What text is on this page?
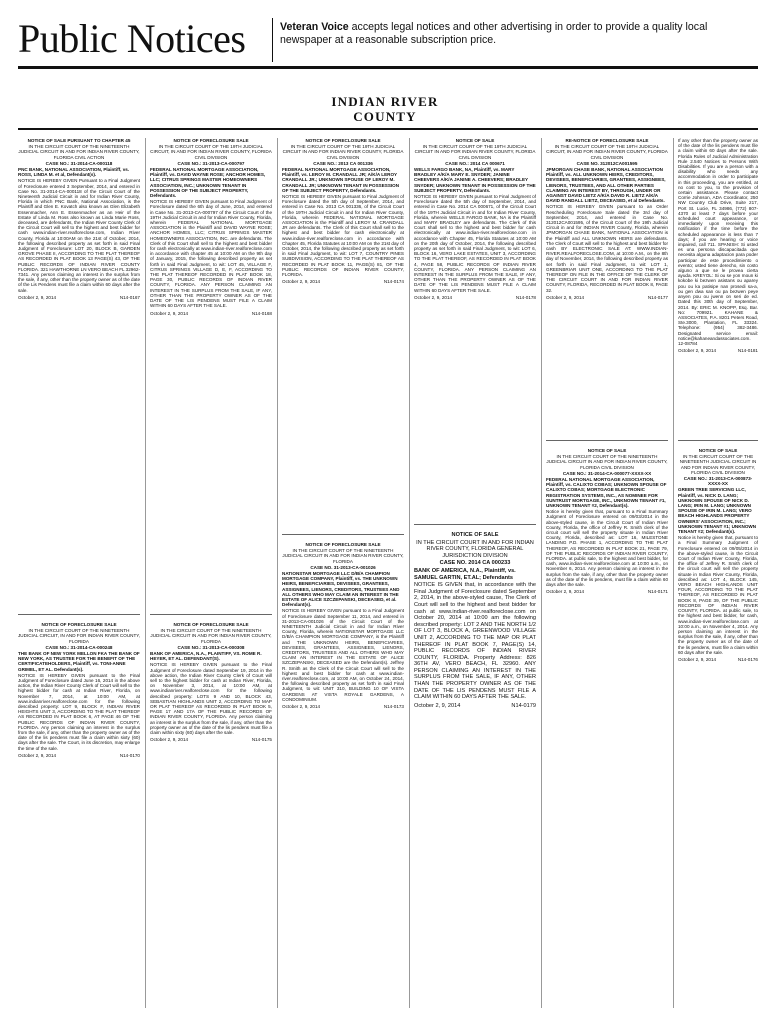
Public Notices	Veteran Voice accepts legal notices and other advertising in order to provide a quality local newspaper at a reasonable subscription price.
INDIAN RIVER
COUNTY
NOTICE OF SALE PURSUANT TO CHAPTER 45
IN THE CIRCUIT COURT OF THE NINETEENTH JUDICIAL CIRCUIT IN AND FOR INDIAN RIVER COUNTY, FLORIDA CIVIL ACTION
CASE NO.: 31-2014-CA-000118
PNC BANK, NATIONAL ASSOCIATION, Plaintiff, vs. ROSS, LINDA M. et al, Defendant(s).
NOTICE IS HEREBY GIVEN Pursuant to a Final Judgment of Foreclosure entered 3 September, 2014, and entered in Case No. 31-2014-CA-000118 of the Circuit Court of the Nineteenth Judicial Circuit in and for Indian River County, Florida in which PNC Bank, National Association, is the Plaintiff and Glen E. Kovatch also known as Glen Elizabeth Essenmacher, Ann E. Essenmacher as an Heir of the Estate of Linda M. Ross also known as Linda Marie Ross, deceased, are defendants, the Indian River County Clerk of the Circuit Court will sell to the highest and best bidder for cash www.indian-river.realforeclose.com, Indian River County, Florida at 10:00AM on the 21st of October, 2014, the following described property as set forth in said Final Judgment of Foreclosure: LOT 20, BLOCK B, GARDEN GROVE PHASE II, ACCORDING TO THE PLAT THEREOF AS RECORDED IN PLAT BOOK 13 PAGE(S) 43, OF THE PUBLIC RECORDS OF INDIAN RIVER COUNTY FLORIDA. 321 HAWTHORNE LN VERO BEACH FL 32962-7341. Any person claiming an interest in the surplus from the sale, if any, other than the property owner as of the date of the Lis Pendens must file a claim within 60 days after the sale.
October 2, 9, 2014	N14-0167
NOTICE OF FORECLOSURE SALE
IN THE CIRCUIT COURT OF THE NINETEENTH JUDICIAL CIRCUIT, IN AND FOR INDIAN RIVER COUNTY, FLORIDA
CASE NO.: 31-2014-CA-000248
THE BANK OF NEW YORK MELLON FKA THE BANK OF NEW YORK, AS TRUSTEE FOR THE BENEFIT OF THE CERTIFICATEHOLDERS, Plaintiff, vs. TONI-ANNE GRIMEL, ET AL. Defendant(s).
NOTICE IS HEREBY GIVEN pursuant to the Final Judgment of Foreclosure dated June 16, 2014 in the above action, the Indian River County Clerk of Court will sell to the highest bidder for cash at Indian River, Florida, on November 7, 2014, at 10:00 AM, at www.indianriver.realforeclose.com for the following described property: LOT 9, BLOCK F, INDIAN RIVER HEIGHTS UNIT 3, ACCORDING TO THE PLAT THEREOF AS RECORDED IN PLAT BOOK 6, AT PAGE 46 OF THE PUBLIC RECORDS OF INDIAN RIVER COUNTY, FLORIDA. Any person claiming an interest in the surplus from the sale, if any, other than the property owner as of the date of the lis pendens must file a claim within sixty (60) days after the sale. The Court, in its discretion, may enlarge the time of the sale.
October 2, 9, 2014	N14-0170
NOTICE OF FORECLOSURE SALE
IN THE CIRCUIT COURT OF THE 19TH JUDICIAL CIRCUIT, IN AND FOR INDIAN RIVER COUNTY, FLORIDA CIVIL DIVISION
CASE NO.: 31-2013-CA-000797
FEDERAL NATIONAL MORTGAGE ASSOCIATION, Plaintiff, vs. DAVID WAYNE ROSE; ANCHOR HOMES, LLC; CITRUS SPRINGS MASTER HOMEOWNERS ASSOCIATION, INC.; UNKNOWN TENANT IN POSSESSION OF THE SUBJECT PROPERTY, Defendants.
NOTICE IS HEREBY GIVEN pursuant to Final Judgment of Foreclosure dated the 6th day of June, 2014, and entered in Case No. 31-2013-CA-000797 of the Circuit Court of the 19TH Judicial Circuit in and for Indian River County, Florida, wherein FEDERAL NATIONAL MORTGAGE ASSOCIATION is the Plaintiff and DAVID WAYNE ROSE; ANCHOR HOMES, LLC; CITRUS SPRINGS MASTER HOMEOWNERS ASSOCIATION, INC. are defendants. The Clerk of this Court shall sell to the highest and best bidder for cash electronically at www.indian-river.realforeclose.com in accordance with chapter 45 at 10:00 AM on the 9th day of January, 2015, the following described property as set forth in said Final Judgment, to wit: LOT 45, VILLAGE F, CITRUS SPRINGS VILLAGE D, E, F, ACCORDING TO THE PLAT THEREOF RECORDED IN PLAT BOOK 18, PAGE 30, PUBLIC RECORDS OF INDIAN RIVER COUNTY, FLORIDA. ANY PERSON CLAIMING AN INTEREST IN THE SURPLUS FROM THE SALE, IF ANY, OTHER THAN THE PROPERTY OWNER AS OF THE DATE OF THE LIS PENDENS MUST FILE A CLAIM WITHIN 60 DAYS AFTER THE SALE.
October 2, 9, 2014	N14-0168
NOTICE OF FORECLOSURE SALE
IN THE CIRCUIT COURT OF THE NINETEENTH JUDICIAL CIRCUIT IN AND FOR INDIAN RIVER COUNTY, FLORIDA
CASE NO.: 31-2013-CA-000308
BANK OF AMERICA, N.A., PLAINTIFF, VS. ROME R. HEYER, ET AL. DEFENDANT(S).
NOTICE IS HEREBY GIVEN pursuant to the Final Judgment of Foreclosure dated September 19, 2014 in the above action, the Indian River County Clerk of Court will sell to the highest bidder for cash at Indian River, Florida, on November 3, 2014, at 10:00 AM, at www.indianriver.realforeclose.com for the following described property: LOTS 9 AND 10, BLOCK 43, SEBASTIAN HIGHLANDS UNIT 2, ACCORDING TO MAP OR PLAT THEREOF AS RECORDED IN PLAT BOOK 5, PAGE 17 AND 17A OF THE PUBLIC RECORDS OF INDIAN RIVER COUNTY, FLORIDA. Any person claiming an interest in the surplus from the sale, if any, other than the property owner as of the date of the lis pendens must file a claim within sixty (60) days after the sale.
October 2, 9, 2014	N14-0175
NOTICE OF FORECLOSURE SALE
IN THE CIRCUIT COURT OF THE 19TH JUDICIAL CIRCUIT IN AND FOR INDIAN RIVER COUNTY, FLORIDA CIVIL DIVISION
CASE NO.: 2013 CA 001336
FEDERAL NATIONAL MORTGAGE ASSOCIATION, Plaintiff, vs. LEROY M. CRANDALL JR; A/K/A LEROY CRANDALL JR.; UNKNOWN SPOUSE OF LEROY M. CRANDALL JR; UNKNOWN TENANT IN POSSESSION OF THE SUBJECT PROPERTY, Defendants.
NOTICE IS HEREBY GIVEN pursuant to Final Judgment of Foreclosure dated the 5th day of September, 2014, and entered in Case No. 2013 CA 001336, of the Circuit Court of the 19TH Judicial Circuit in and for Indian River County, Florida, wherein FEDERAL NATIONAL MORTGAGE ASSOCIATION is the Plaintiff and LEROY M. CRANDALL JR are defendants. The Clerk of this Court shall sell to the highest and best bidder for cash electronically at www.indian-river.realforeclose.com in accordance with Chapter 45, Florida Statutes at 10:00 AM on the 21st day of October, 2014, the following described property as set forth in said Final Judgment, to wit: LOT 7, COUNTRY PINES SUBDIVISION, ACCORDING TO THE PLAT THEREOF AS RECORDED IN PLAT BOOK 11, PAGE(S) 81, OF THE PUBLIC RECORDS OF INDIAN RIVER COUNTY, FLORIDA.
October 2, 9, 2014	N14-0174
NOTICE OF FORECLOSURE SALE
IN THE CIRCUIT COURT OF THE NINETEENTH JUDICIAL CIRCUIT IN AND FOR INDIAN RIVER COUNTY, FLORIDA
CASE NO. 31-2013-CA-001026
NATIONSTAR MORTGAGE LLC D/B/A CHAMPION MORTGAGE COMPANY, Plaintiff, vs. THE UNKNOWN HEIRS, BENEFICIARIES, DEVISEES, GRANTEES, ASSIGNEES, LIENORS, CREDITORS, TRUSTEES AND ALL OTHERS WHO MAY CLAIM AN INTEREST IN THE ESTATE OF ALICE SZCZEPANSKI, DECEASED, et al. Defendant(s).
NOTICE IS HEREBY GIVEN pursuant to a Final Judgment of Foreclosure dated September 11, 2014, and entered in 31-2013-CA-001026 of the Circuit Court of the NINETEENTH Judicial Circuit in and for Indian River County, Florida, wherein NATIONSTAR MORTGAGE LLC D/B/A CHAMPION MORTGAGE COMPANY, is the Plaintiff and THE UNKNOWN HEIRS, BENEFICIARIES, DEVISEES, GRANTEES, ASSIGNEES, LIENORS, CREDITORS, TRUSTEES AND ALL OTHERS WHO MAY CLAIM AN INTEREST IN THE ESTATE OF ALICE SZCZEPANSKI, DECEASED are the Defendant(s). Jeffrey R. Smith as the Clerk of the Circuit Court will sell to the highest and best bidder for cash at www.indian-river.realforeclose.com, at 10:00 AM, on October 24, 2014, the following described property as set forth in said Final Judgment, to wit: UNIT 310, BUILDING 10 OF VISTA GARDENS AT VISTA ROYALE GARDENS, A CONDOMINIUM.
October 2, 9, 2014	N14-0173
NOTICE OF SALE
IN THE CIRCUIT COURT OF THE 19TH JUDICIAL CIRCUIT IN AND FOR INDIAN RIVER COUNTY, FLORIDA CIVIL DIVISION
CASE NO.: 2014 CA 000671
WELLS FARGO BANK, NA, Plaintiff, vs. MARY BRADLEY A/K/A MARY E. SNYDER; JANINE CHEEVERS A/K/A JANINE A. CHEEVERS; BRADLEY SNYDER; UNKNOWN TENANT IN POSSESSION OF THE SUBJECT PROPERTY, Defendants.
NOTICE IS HEREBY GIVEN pursuant to Final Judgment of Foreclosure dated the 5th day of September, 2014, and entered in Case No. 2014 CA 000671, of the Circuit Court of the 19TH Judicial Circuit in and for Indian River County, Florida, wherein WELLS FARGO BANK, NA is the Plaintiff and MARY BRADLEY are defendants. The Clerk of this Court shall sell to the highest and best bidder for cash electronically at www.indian-river.realforeclose.com in accordance with Chapter 45, Florida Statutes at 10:00 AM on the 20th day of October, 2014, the following described property as set forth in said Final Judgment, to wit: LOT 6, BLOCK 16, VERO LAKE ESTATES, UNIT 3, ACCORDING TO THE PLAT THEREOF, AS RECORDED IN PLAT BOOK 4, PAGE 58, PUBLIC RECORDS OF INDIAN RIVER COUNTY, FLORIDA. ANY PERSON CLAIMING AN INTEREST IN THE SURPLUS FROM THE SALE, IF ANY, OTHER THAN THE PROPERTY OWNER AS OF THE DATE OF THE LIS PENDENS MUST FILE A CLAIM WITHIN 60 DAYS AFTER THE SALE.
October 2, 9, 2014	N14-0178
NOTICE OF SALE
IN THE CIRCUIT COURT IN AND FOR INDIAN RIVER COUNTY, FLORIDA GENERAL JURISDICTION DIVISION
CASE NO. 2014 CA 000233
BANK OF AMERICA, N.A., Plaintiff, vs. SAMUEL GARTIN, ET.AL; Defendants
NOTICE IS GIVEN that, in accordance with the Final Judgment of Foreclosure dated September 2, 2014, in the above-styled cause, The Clerk of Court will sell to the highest and best bidder for cash at www.indian-river.realforeclose.com on October 20, 2014 at 10:00 am the following described property: LOT 2 AND THE NORTH 1/2 OF LOT 3, BLOCK A, GREENWOOD VILLAGE UNIT 2, ACCORDING TO THE MAP OR PLAT THEREOF IN PLAT BOOK 7, PAGE(S) 14, PUBLIC RECORDS OF INDIAN RIVER COUNTY, FLORIDA. Property Address: 826 36TH AV, VERO BEACH, FL 32960. ANY PERSON CLAIMING AN INTEREST IN THE SURPLUS FROM THE SALE, IF ANY, OTHER THAN THE PROPERTY OWNER AS OF THE DATE OF THE LIS PENDENS MUST FILE A CLAIM WITHIN 60 DAYS AFTER THE SALE.
October 2, 9, 2014	N14-0179
RE-NOTICE OF FORECLOSURE SALE
IN THE CIRCUIT COURT OF THE 19TH JUDICIAL CIRCUIT, IN AND FOR INDIAN RIVER COUNTY, FLORIDA CIVIL DIVISION
CASE NO. 312012CA001595
JPMORGAN CHASE BANK, NATIONAL ASSOCIATION Plaintiff, vs. ALL UNKNOWN HEIRS, CREDITORS, DEVISEES, BENEFICIARIES, GRANTEES, ASSIGNEES, LIENORS, TRUSTEES, AND ALL OTHER PARTIES CLAIMING AN INTEREST BY, THROUGH, UNDER OR AGAINST DAVID LIETZ A/K/A DAVID R. LIETZ A/K/A DAVID RANDALL LIETZ, DECEASED, et al Defendants.
NOTICE IS HEREBY GIVEN pursuant to an Order Rescheduling Foreclosure Sale dated the 3rd day of September, 2014, and entered in Case No. 312012CA001595, of the Circuit Court of the 19th Judicial Circuit in and for INDIAN RIVER County, Florida, wherein JPMORGAN CHASE BANK, NATIONAL ASSOCIATION is the Plaintiff and ALL UNKNOWN HEIRS are defendants. The Clerk of Court will sell to the highest and best bidder for cash BY ELECTRONIC SALE AT: WWW.INDIAN-RIVER.REALFORECLOSE.COM, at 10:00 A.M., on the 8th day of November, 2014, the following described property as set forth in said Final Judgment, to wit: LOT 1, GREENBRIAR UNIT ONE, ACCORDING TO THE PLAT THEREOF ON FILE IN THE OFFICE OF THE CLERK OF THE CIRCUIT COURT IN AND FOR INDIAN RIVER COUNTY, FLORIDA, RECORDED IN PLAT BOOK 8, PAGE 32.
October 2, 9, 2014	N14-0177
NOTICE OF SALE
IN THE CIRCUIT COURT OF THE NINETEENTH JUDICIAL CIRCUIT IN AND FOR INDIAN RIVER COUNTY, FLORIDA CIVIL DIVISION
CASE NO.: 31-2014-CA-000077-XXXX-XX
FEDERAL NATIONAL MORTGAGE ASSOCIATION, Plaintiff, vs. CALIXTO COBAS; UNKNOWN SPOUSE OF CALIXTO COBAS; MORTGAGE ELECTRONIC REGISTRATION SYSTEMS, INC., AS NOMINEE FOR SUNTRUST MORTGAGE, INC., UNKNOWN TENANT #1, UNKNOWN TENANT #2, Defendant(s).
Notice is hereby given that, pursuant to a Final Summary Judgment of Foreclosure entered on 09/03/2014 in the above-styled cause, in the Circuit Court of Indian River County, Florida, the office of Jeffrey R. Smith clerk of the circuit court will sell the property situate in Indian River County, Florida, described as: LOT 16, MILESTONE LANDING P.D. PHASE 1, ACCORDING TO THE PLAT THEREOF, AS RECORDED IN PLAT BOOK 21, PAGE 79, OF THE PUBLIC RECORDS OF INDIAN RIVER COUNTY, FLORIDA. at public sale, to the highest and best bidder, for cash, www.indian-river.realforeclose.com at 10:00 a.m., on November 6, 2014. Any person claiming an interest in the surplus from the sale, if any, other than the property owner as of the date of the lis pendens, must file a claim within 60 days after the sale.
October 2, 9, 2014	N14-0171
If any other than the property owner as of the date of the lis pendens must file a claim within 60 days after the sale. Florida Rules of Judicial Administration Rule 2.540 Notices to Persons With Disabilities. If you are a person with a disability who needs any accommodation in order to participate in this proceeding, you are entitled, at no cost to you, to the provision of certain assistance. Please contact Corrie Johnson, ADA Coordinator, 250 NW Country Club Drive, Suite 217, Port St. Lucie, FL 34986, (772) 807-4370 at least 7 days before your scheduled court appearance, or immediately upon receiving this notification if the time before the scheduled appearance is less than 7 days; if you are hearing or voice impaired, call 711. SPANISH: Si usted es una persona discapacitada que necesita alguna adaptacion para poder participar de este procedimiento o evento; usted tiene derecho, sin costo alguno a que se le provea cierta ayuda. KREYOL: Si ou se yon moun ki kokobe ki bezwen asistans ou aparey pou ou ka patisipe nan prosedi sa-a, ou gen dwa san ou pa bezwen peye anyen pou ou jwenn on seri de ed. Dated this 30th day of September, 2014. By: ERIC M. KNOPP, Esq. Bar. No: 709921. KAHANE & ASSOCIATES, P.A. 8201 Peters Road, Ste.3000, Plantation, FL 33324. Telephone: (954) 382-3486. Designated service email: notice@kahaneandassociates.com. 12-08784
October 2, 9, 2014	N14-0181
NOTICE OF SALE
IN THE CIRCUIT COURT OF THE NINETEENTH JUDICIAL CIRCUIT IN AND FOR INDIAN RIVER COUNTY, FLORIDA CIVIL DIVISION
CASE NO.: 31-2013-CA-000873-XXXX-XX
GREEN TREE SERVICING LLC, Plaintiff, vs. NICK D. LANG; UNKNOWN SPOUSE OF NICK D. LANG; IRIN M. LANG; UNKNOWN SPOUSE OF IRIN M. LANG; VERO BEACH HIGHLANDS PROPERTY OWNERS' ASSOCIATION, INC.; UNKNOWN TENANT #1; UNKNOWN TENANT #2; Defendant(s).
Notice is hereby given that, pursuant to a Final Summary Judgment of Foreclosure entered on 09/05/2014 in the above-styled cause, in the Circuit Court of Indian River County, Florida, the office of Jeffrey R. Smith clerk of the circuit court will sell the property situate in Indian River County, Florida, described as: LOT 4, BLOCK 145, VERO BEACH HIGHLANDS UNIT FOUR, ACCORDING TO THE PLAT THEREOF, AS RECORDED IN PLAT BOOK 8, PAGE 39, OF THE PUBLIC RECORDS OF INDIAN RIVER COUNTY, FLORIDA. at public sale, to the highest and best bidder, for cash, www.indian-river.realforeclose.com at 10:00 a.m., on November 4, 2014. Any person claiming an interest in the surplus from the sale, if any, other than the property owner as of the date of the lis pendens, must file a claim within 60 days after the sale.
October 2, 9, 2014	N14-0176
